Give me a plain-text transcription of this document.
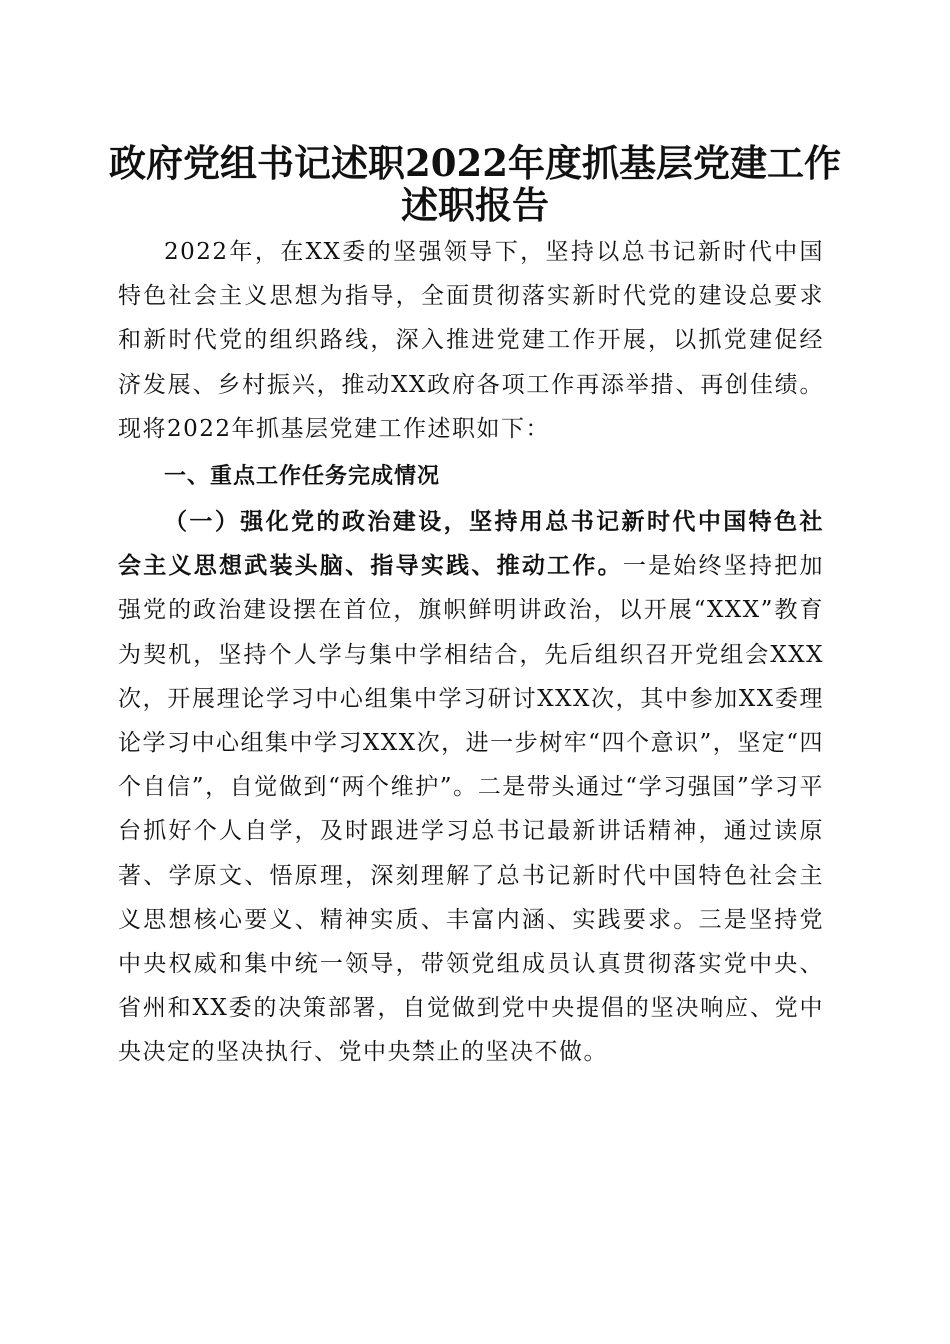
政府党组书记述职2022年度抓基层党建工作
述职报告

2022年，在XX委的坚强领导下，坚持以总书记新时代中国特色社会主义思想为指导，全面贯彻落实新时代党的建设总要求和新时代党的组织路线，深入推进党建工作开展，以抓党建促经济发展、乡村振兴，推动XX政府各项工作再添举措、再创佳绩。现将2022年抓基层党建工作述职如下：

一、重点工作任务完成情况

（一）强化党的政治建设，坚持用总书记新时代中国特色社会主义思想武装头脑、指导实践、推动工作。一是始终坚持把加强党的政治建设摆在首位，旗帜鲜明讲政治，以开展“XXX”教育为契机，坚持个人学与集中学相结合，先后组织召开党组会XXX次，开展理论学习中心组集中学习研讨XXX次，其中参加XX委理论学习中心组集中学习XXX次，进一步树牢“四个意识”，坚定“四个自信”，自觉做到“两个维护”。二是带头通过“学习强国”学习平台抓好个人自学，及时跟进学习总书记最新讲话精神，通过读原著、学原文、悟原理，深刻理解了总书记新时代中国特色社会主义思想核心要义、精神实质、丰富内涵、实践要求。三是坚持党中央权威和集中统一领导，带领党组成员认真贯彻落实党中央、省州和XX委的决策部署，自觉做到党中央提倡的坚决响应、党中央决定的坚决执行、党中央禁止的坚决不做。
